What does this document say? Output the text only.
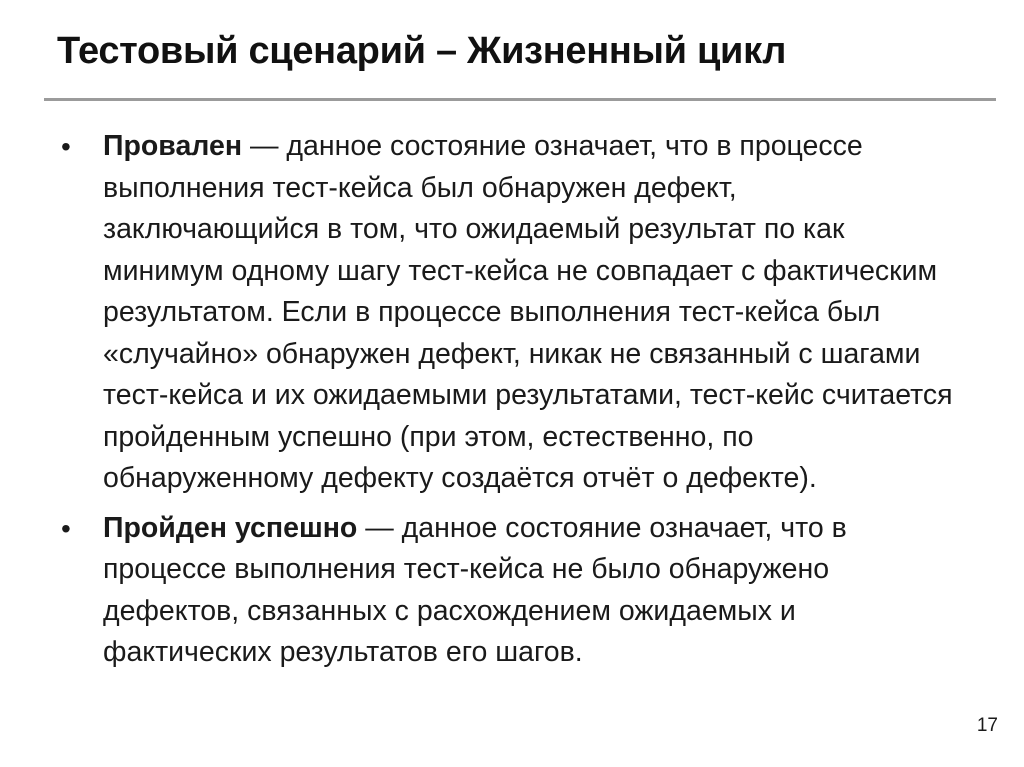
Тестовый сценарий – Жизненный цикл
• Провален — данное состояние означает, что в процессе выполнения тест-кейса был обнаружен дефект, заключающийся в том, что ожидаемый результат по как минимум одному шагу тест-кейса не совпадает с фактическим результатом. Если в процессе выполнения тест-кейса был «случайно» обнаружен дефект, никак не связанный с шагами тест-кейса и их ожидаемыми результатами, тест-кейс считается пройденным успешно (при этом, естественно, по обнаруженному дефекту создаётся отчёт о дефекте).
• Пройден успешно — данное состояние означает, что в процессе выполнения тест-кейса не было обнаружено дефектов, связанных с расхождением ожидаемых и фактических результатов его шагов.
17
